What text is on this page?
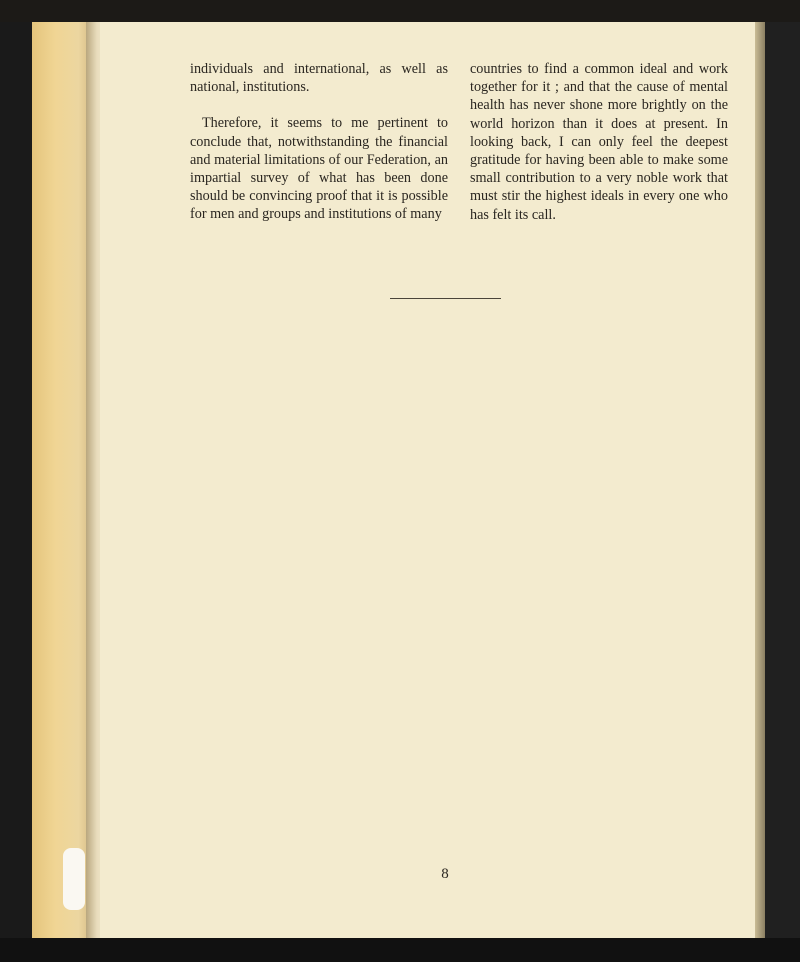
individuals and international, as well as national, institutions.

Therefore, it seems to me pertinent to conclude that, notwithstanding the financial and material limitations of our Federation, an impartial survey of what has been done should be convincing proof that it is possible for men and groups and institutions of many

countries to find a common ideal and work together for it ; and that the cause of mental health has never shone more brightly on the world horizon than it does at present. In looking back, I can only feel the deepest gratitude for having been able to make some small contribution to a very noble work that must stir the highest ideals in every one who has felt its call.

8
